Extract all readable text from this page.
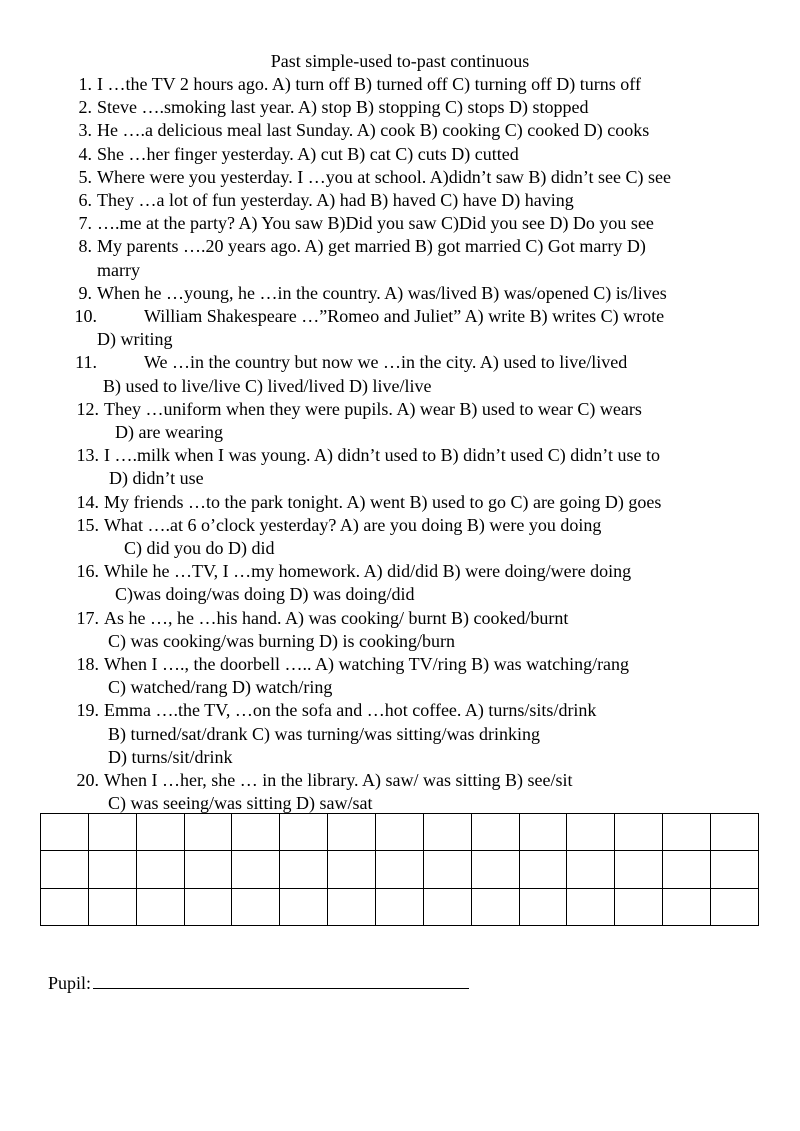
Past simple-used to-past continuous
1. I …the TV 2 hours ago. A) turn off B) turned off C) turning off D) turns off
2. Steve ….smoking last year. A) stop B) stopping C) stops D) stopped
3. He ….a delicious meal last Sunday. A) cook B) cooking C) cooked D) cooks
4. She …her finger yesterday. A) cut B) cat C) cuts D) cutted
5. Where were you yesterday. I …you at school. A)didn’t saw B) didn’t see C) see
6. They …a lot of fun yesterday. A) had B) haved C) have D) having
7. ….me at the party? A) You saw B)Did you saw C)Did you see D) Do you see
8. My parents ….20 years ago. A) get married B) got married C) Got marry D)
marry
9. When he …young, he …in the country. A) was/lived B) was/opened C) is/lives
10.	William Shakespeare …”Romeo and Juliet” A) write B) writes C) wrote
D) writing
11.	We …in the country but now we …in the city. A) used to live/lived
B) used to live/live C) lived/lived D) live/live
12. They …uniform when they were pupils. A) wear B) used to wear C) wears
D) are wearing
13. I ….milk when I was young. A) didn’t used to B) didn’t used C) didn’t use to
D) didn’t use
14. My friends …to the park tonight. A) went B) used to go C) are going D) goes
15. What ….at 6 o’clock yesterday? A) are you doing B) were you doing
C) did you do D) did
16. While he …TV, I …my homework. A) did/did B) were doing/were doing
C)was doing/was doing D) was doing/did
17. As he …, he …his hand. A) was cooking/ burnt B) cooked/burnt
C) was cooking/was burning D) is cooking/burn
18. When I …., the doorbell ….. A) watching TV/ring B) was watching/rang
C) watched/rang D) watch/ring
19. Emma ….the TV, …on the sofa and …hot coffee. A) turns/sits/drink
B) turned/sat/drank C) was turning/was sitting/was drinking
D) turns/sit/drink
20. When I …her, she … in the library. A) saw/ was sitting B) see/sit
C) was seeing/was sitting D) saw/sat

Pupil:
